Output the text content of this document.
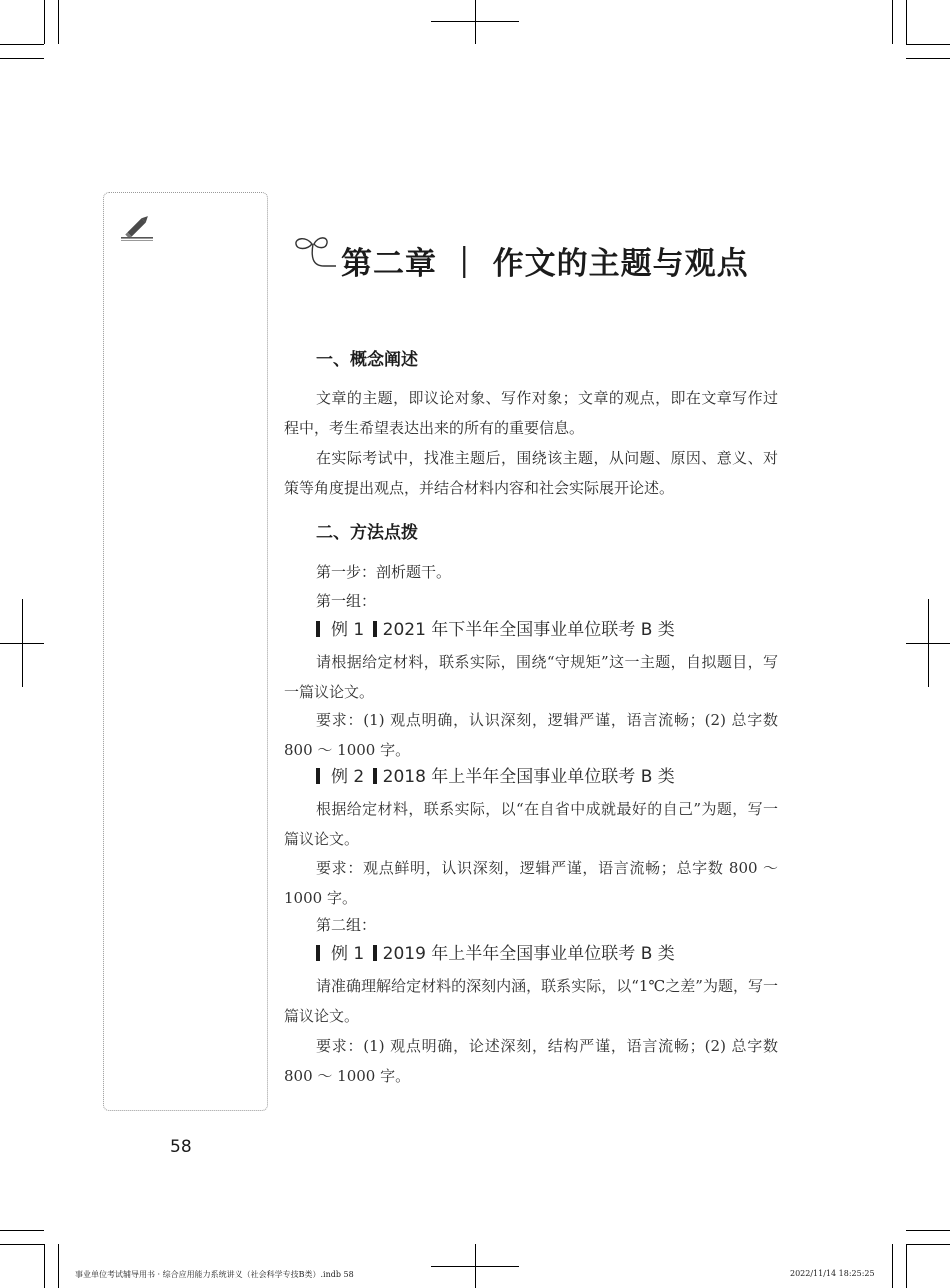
第二章 ｜ 作文的主题与观点
一、概念阐述
文章的主题，即议论对象、写作对象；文章的观点，即在文章写作过程中，考生希望表达出来的所有的重要信息。
在实际考试中，找准主题后，围绕该主题，从问题、原因、意义、对策等角度提出观点，并结合材料内容和社会实际展开论述。
二、方法点拨
第一步：剖析题干。
第一组：
例 1 2021 年下半年全国事业单位联考 B 类
请根据给定材料，联系实际，围绕“守规矩”这一主题，自拟题目，写一篇议论文。
要求：(1) 观点明确，认识深刻，逻辑严谨，语言流畅；(2) 总字数 800 ～ 1000 字。
例 2 2018 年上半年全国事业单位联考 B 类
根据给定材料，联系实际，以“在自省中成就最好的自己”为题，写一篇议论文。
要求：观点鲜明，认识深刻，逻辑严谨，语言流畅；总字数 800 ～ 1000 字。
第二组：
例 1 2019 年上半年全国事业单位联考 B 类
请准确理解给定材料的深刻内涵，联系实际，以“1℃之差”为题，写一篇议论文。
要求：(1) 观点明确，论述深刻，结构严谨，语言流畅；(2) 总字数 800 ～ 1000 字。
58
事业单位考试辅导用书 · 综合应用能力系统讲义（社会科学专技B类）.indb 58	2022/11/14 18:25:25
